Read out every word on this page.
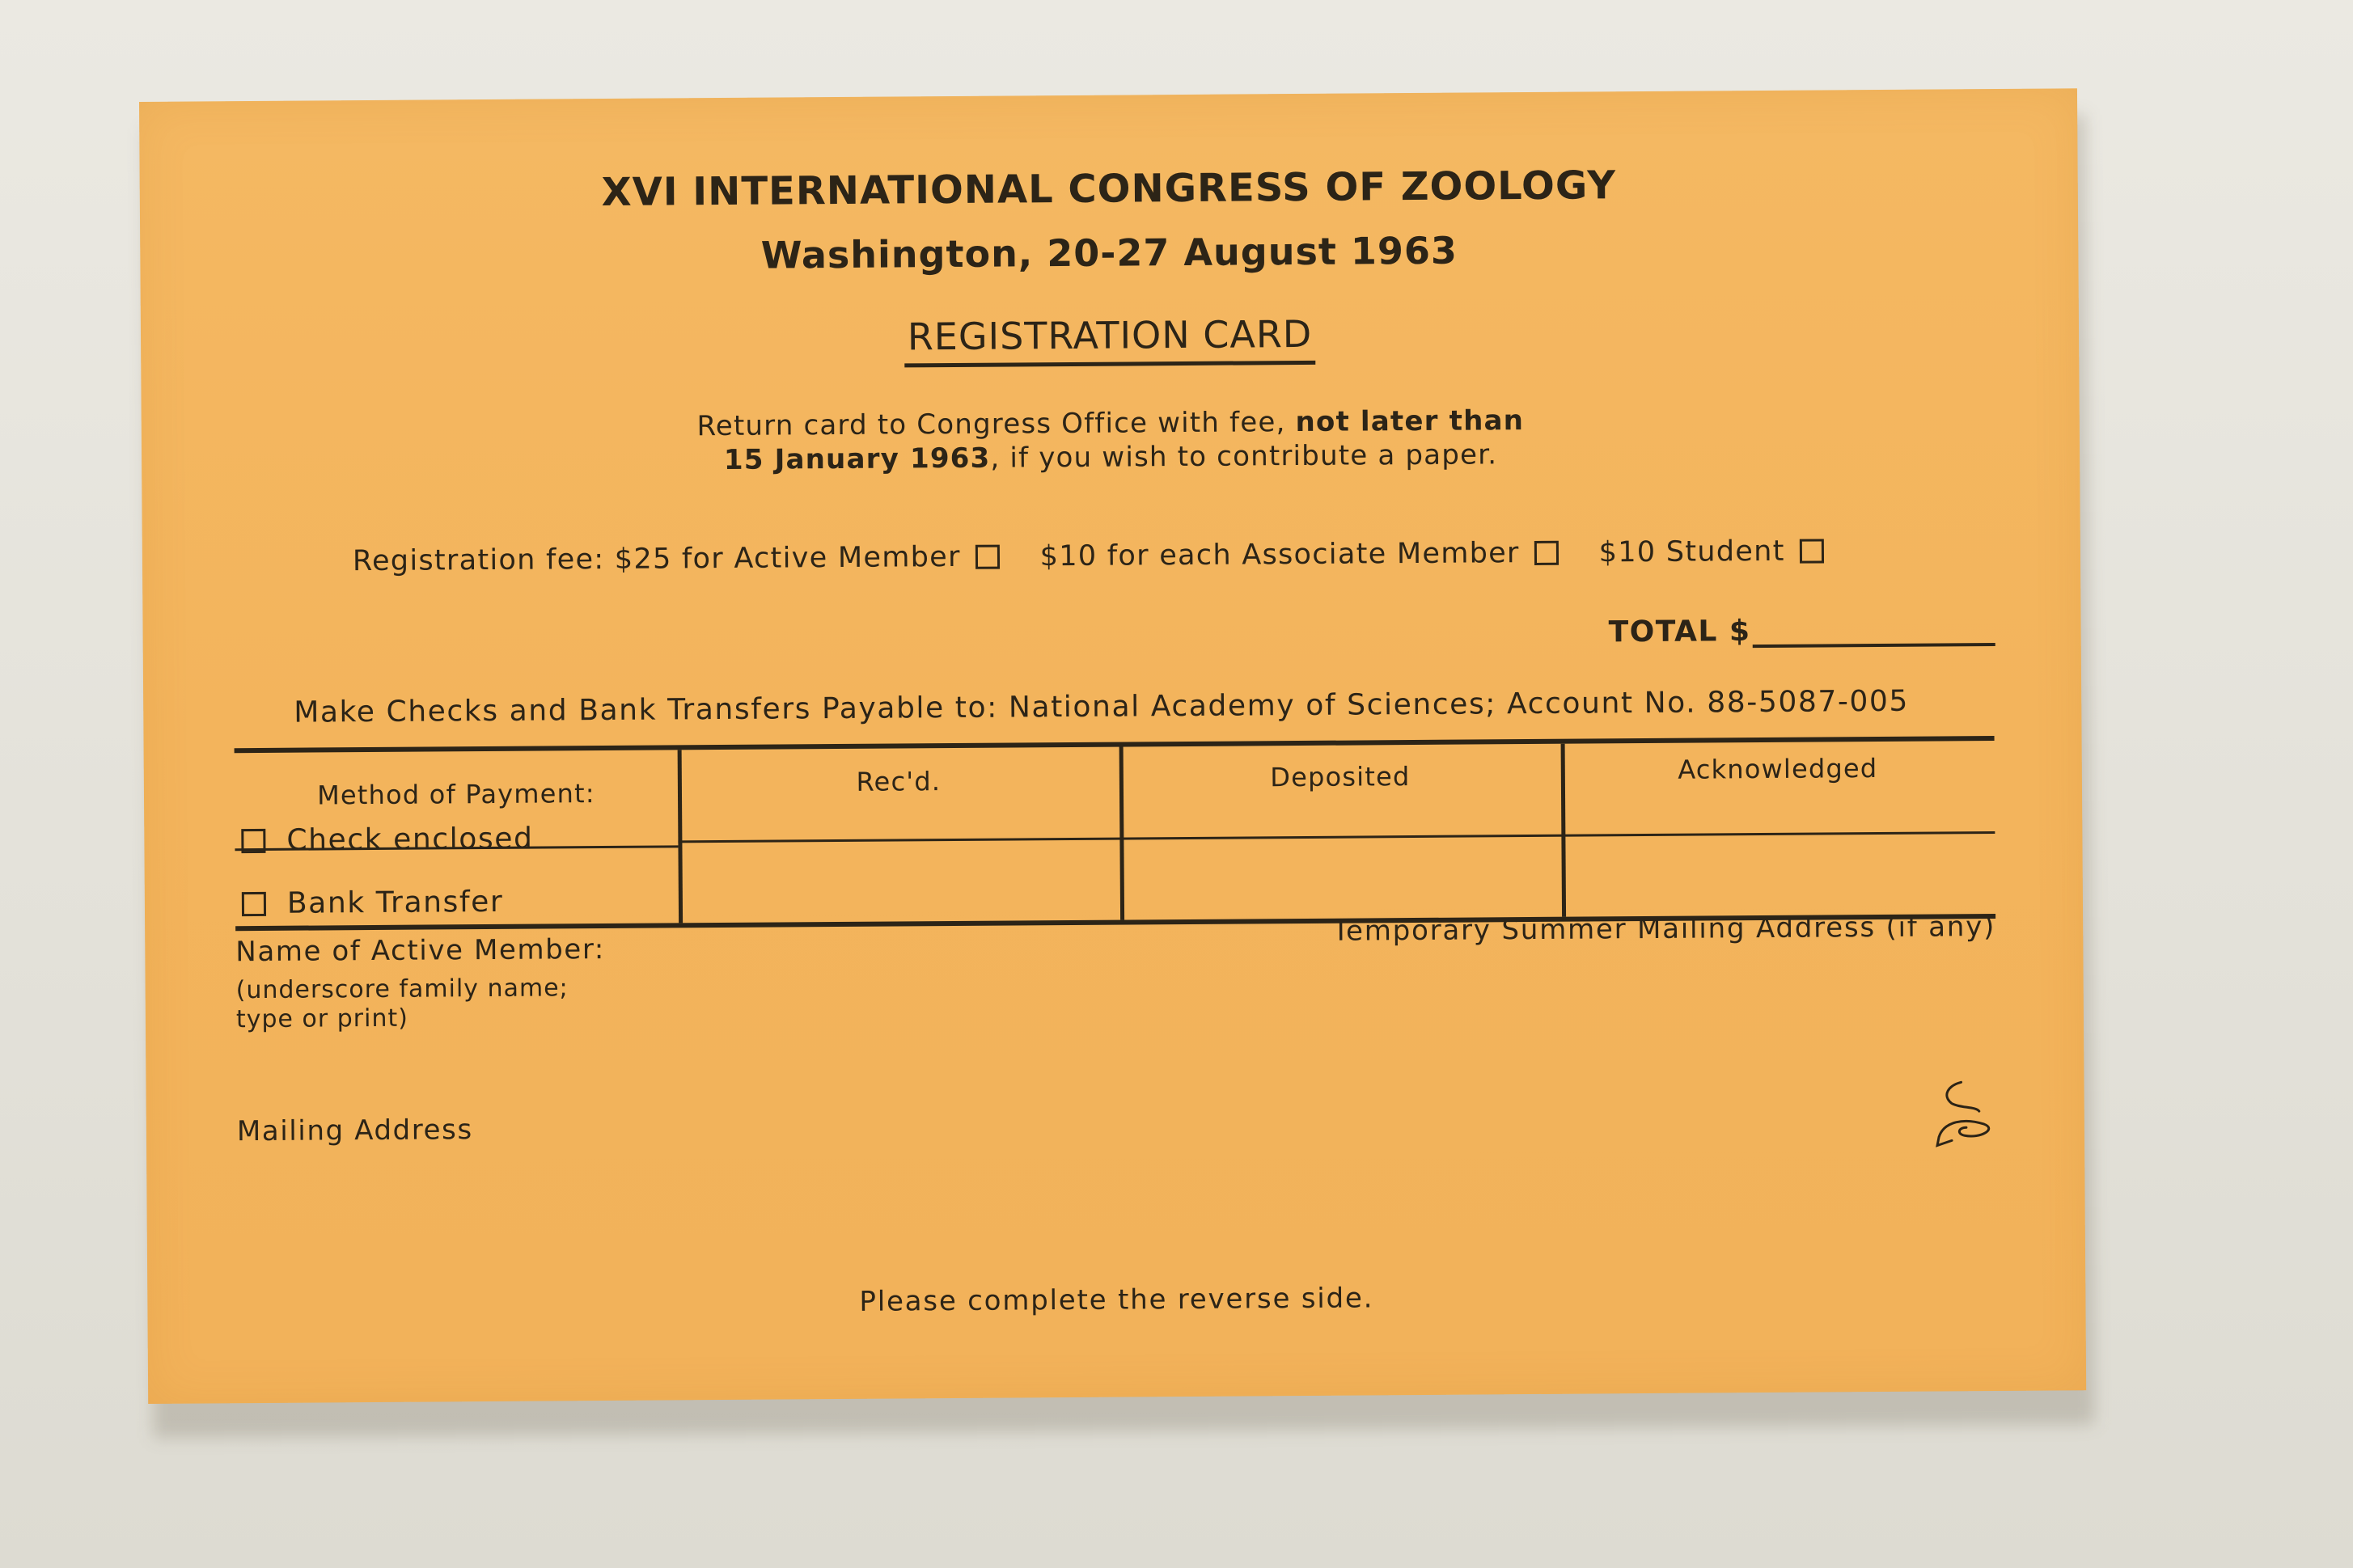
XVI INTERNATIONAL CONGRESS OF ZOOLOGY
Washington, 20-27 August 1963
REGISTRATION CARD
Return card to Congress Office with fee, not later than
15 January 1963, if you wish to contribute a paper.
Registration fee: $25 for Active Member	$10 for each Associate Member	$10 Student
TOTAL $
Make Checks and Bank Transfers Payable to: National Academy of Sciences; Account No. 88-5087-005
Method of Payment:	Rec'd.	Deposited	Acknowledged
Check enclosed
Bank Transfer
Name of Active Member:
(underscore family name;
type or print)
Temporary Summer Mailing Address (if any)
Mailing Address
Please complete the reverse side.
